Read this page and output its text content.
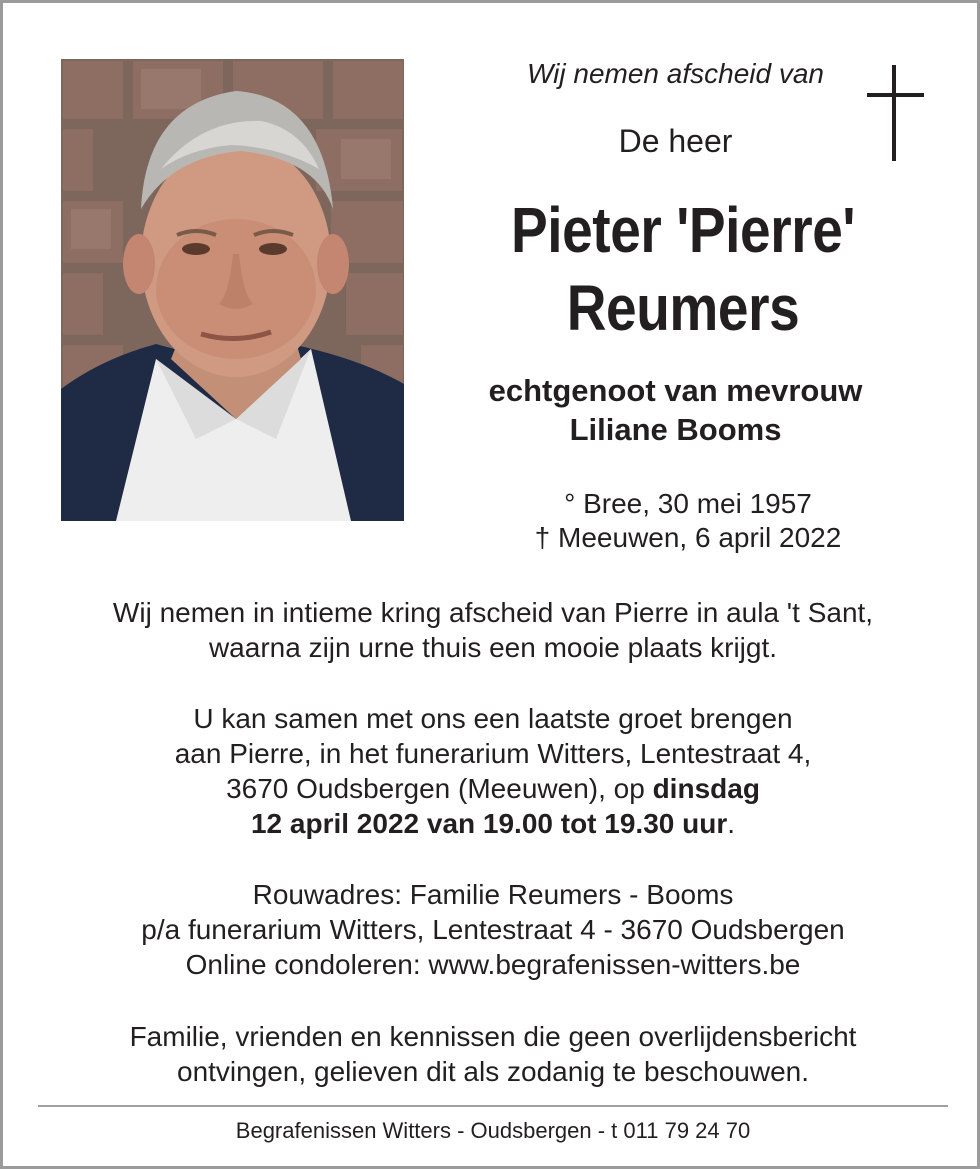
Wij nemen afscheid van
De heer
Pieter 'Pierre'
Reumers
echtgenoot van mevrouw
Liliane Booms
° Bree, 30 mei 1957
† Meeuwen, 6 april 2022
Wij nemen in intieme kring afscheid van Pierre in aula 't Sant,
waarna zijn urne thuis een mooie plaats krijgt.
U kan samen met ons een laatste groet brengen
aan Pierre, in het funerarium Witters, Lentestraat 4,
3670 Oudsbergen (Meeuwen), op dinsdag
12 april 2022 van 19.00 tot 19.30 uur.
Rouwadres: Familie Reumers - Booms
p/a funerarium Witters, Lentestraat 4 - 3670 Oudsbergen
Online condoleren: www.begrafenissen-witters.be
Familie, vrienden en kennissen die geen overlijdensbericht
ontvingen, gelieven dit als zodanig te beschouwen.
Begrafenissen Witters - Oudsbergen - t 011 79 24 70
